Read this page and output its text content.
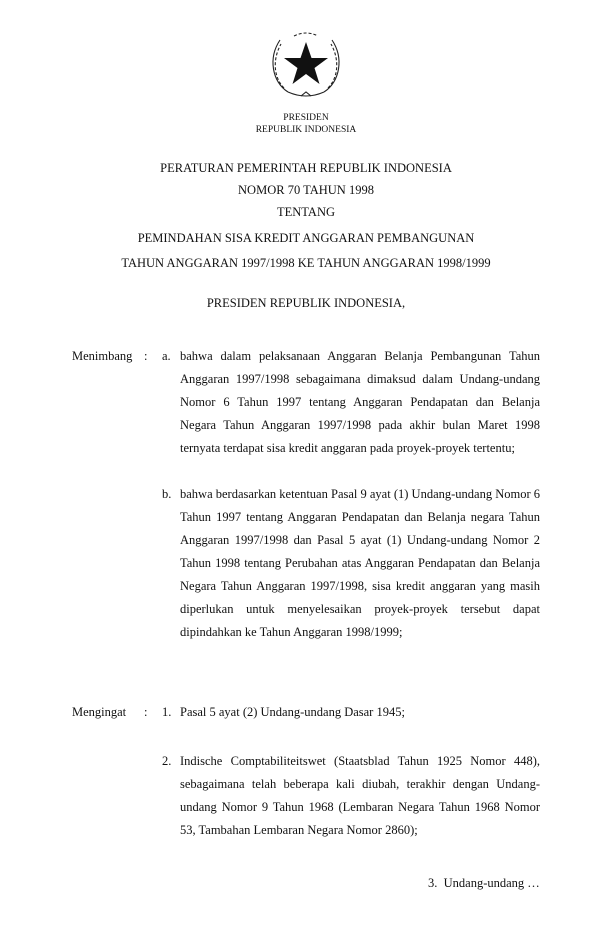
PRESIDEN
REPUBLIK INDONESIA
PERATURAN PEMERINTAH REPUBLIK INDONESIA
NOMOR 70 TAHUN 1998
TENTANG
PEMINDAHAN SISA KREDIT ANGGARAN PEMBANGUNAN
TAHUN ANGGARAN 1997/1998 KE TAHUN ANGGARAN 1998/1999
PRESIDEN REPUBLIK INDONESIA,
Menimbang : a. bahwa dalam pelaksanaan Anggaran Belanja Pembangunan Tahun Anggaran 1997/1998 sebagaimana dimaksud dalam Undang-undang Nomor 6 Tahun 1997 tentang Anggaran Pendapatan dan Belanja Negara Tahun Anggaran 1997/1998 pada akhir bulan Maret 1998 ternyata terdapat sisa kredit anggaran pada proyek-proyek tertentu;
b. bahwa berdasarkan ketentuan Pasal 9 ayat (1) Undang-undang Nomor 6 Tahun 1997 tentang Anggaran Pendapatan dan Belanja negara Tahun Anggaran 1997/1998 dan Pasal 5 ayat (1) Undang-undang Nomor 2 Tahun 1998 tentang Perubahan atas Anggaran Pendapatan dan Belanja Negara Tahun Anggaran 1997/1998, sisa kredit anggaran yang masih diperlukan untuk menyelesaikan proyek-proyek tersebut dapat dipindahkan ke Tahun Anggaran 1998/1999;
Mengingat : 1. Pasal 5 ayat (2) Undang-undang Dasar 1945;
2. Indische Comptabiliteitswet (Staatsblad Tahun 1925 Nomor 448), sebagaimana telah beberapa kali diubah, terakhir dengan Undang-undang Nomor 9 Tahun 1968 (Lembaran Negara Tahun 1968 Nomor 53, Tambahan Lembaran Negara Nomor 2860);
3.  Undang-undang …
